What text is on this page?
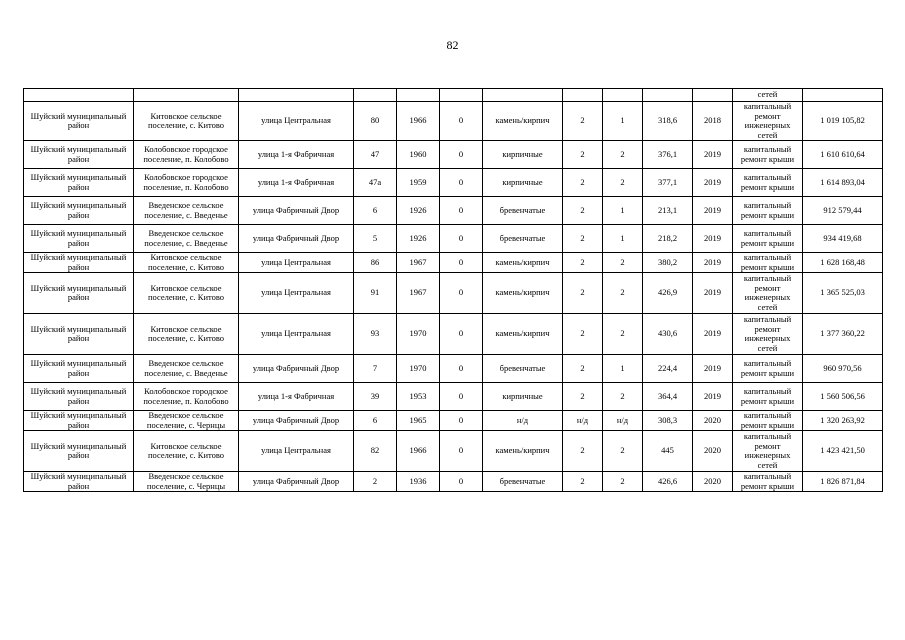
82
											сетей	
Шуйский муниципальный район	Китовское сельское поселение, с. Китово	улица Центральная	80	1966	0	камень/кирпич	2	1	318,6	2018	капитальный ремонт инженерных сетей	1 019 105,82
Шуйский муниципальный район	Колобовское городское поселение, п. Колобово	улица 1-я Фабричная	47	1960	0	кирпичные	2	2	376,1	2019	капитальный ремонт крыши	1 610 610,64
Шуйский муниципальный район	Колобовское городское поселение, п. Колобово	улица 1-я Фабричная	47а	1959	0	кирпичные	2	2	377,1	2019	капитальный ремонт крыши	1 614 893,04
Шуйский муниципальный район	Введенское сельское поселение, с. Введенье	улица Фабричный Двор	6	1926	0	бревенчатые	2	1	213,1	2019	капитальный ремонт крыши	912 579,44
Шуйский муниципальный район	Введенское сельское поселение, с. Введенье	улица Фабричный Двор	5	1926	0	бревенчатые	2	1	218,2	2019	капитальный ремонт крыши	934 419,68
Шуйский муниципальный район	Китовское сельское поселение, с. Китово	улица Центральная	86	1967	0	камень/кирпич	2	2	380,2	2019	капитальный ремонт крыши	1 628 168,48
Шуйский муниципальный район	Китовское сельское поселение, с. Китово	улица Центральная	91	1967	0	камень/кирпич	2	2	426,9	2019	капитальный ремонт инженерных сетей	1 365 525,03
Шуйский муниципальный район	Китовское сельское поселение, с. Китово	улица Центральная	93	1970	0	камень/кирпич	2	2	430,6	2019	капитальный ремонт инженерных сетей	1 377 360,22
Шуйский муниципальный район	Введенское сельское поселение, с. Введенье	улица Фабричный Двор	7	1970	0	бревенчатые	2	1	224,4	2019	капитальный ремонт крыши	960 970,56
Шуйский муниципальный район	Колобовское городское поселение, п. Колобово	улица 1-я Фабричная	39	1953	0	кирпичные	2	2	364,4	2019	капитальный ремонт крыши	1 560 506,56
Шуйский муниципальный район	Введенское сельское поселение, с. Чернцы	улица Фабричный Двор	6	1965	0	н/д	н/д	н/д	308,3	2020	капитальный ремонт крыши	1 320 263,92
Шуйский муниципальный район	Китовское сельское поселение, с. Китово	улица Центральная	82	1966	0	камень/кирпич	2	2	445	2020	капитальный ремонт инженерных сетей	1 423 421,50
Шуйский муниципальный район	Введенское сельское поселение, с. Чернцы	улица Фабричный Двор	2	1936	0	бревенчатые	2	2	426,6	2020	капитальный ремонт крыши	1 826 871,84
